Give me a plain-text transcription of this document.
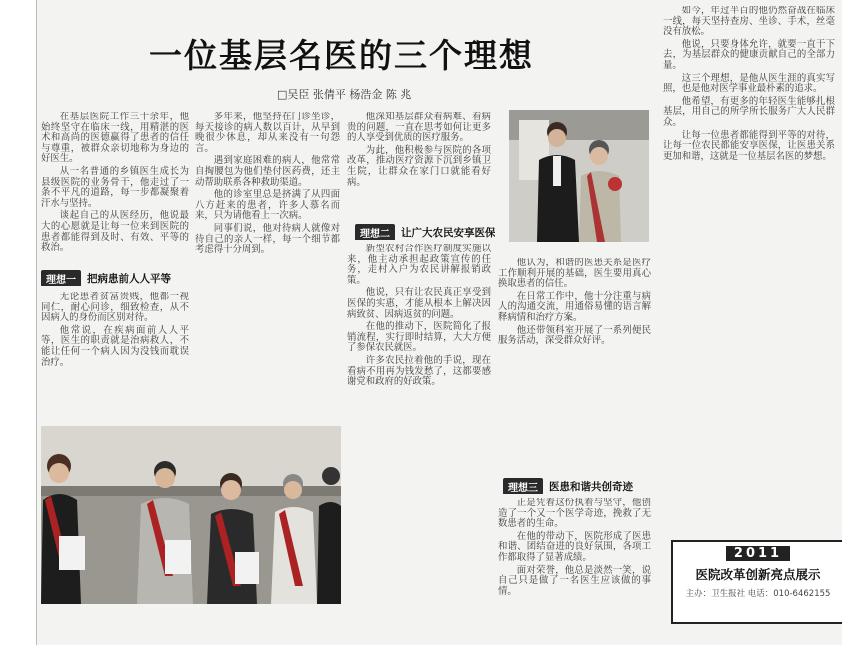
一位基层名医的三个理想
□吴臣 张倩平 杨浩金 陈 兆

在基层医院工作三十余年，他始终坚守在临床一线，用精湛的医术和高尚的医德赢得了患者的信任与尊重，被群众亲切地称为身边的好医生。

从一名普通的乡镇医生成长为县级医院的业务骨干，他走过了一条不平凡的道路，每一步都凝聚着汗水与坚持。

谈起自己的从医经历，他说最大的心愿就是让每一位来到医院的患者都能得到及时、有效、平等的救治。

理想一	把病患前人人平等

无论患者贫富贵贱，他都一视同仁，耐心问诊，细致检查，从不因病人的身份而区别对待。

他常说，在疾病面前人人平等，医生的职责就是治病救人，不能让任何一个病人因为没钱而耽误治疗。

多年来，他坚持在门诊坐诊，每天接诊的病人数以百计，从早到晚很少休息，却从来没有一句怨言。

遇到家庭困难的病人，他常常自掏腰包为他们垫付医药费，还主动帮助联系各种救助渠道。

他的诊室里总是挤满了从四面八方赶来的患者，许多人慕名而来，只为请他看上一次病。

同事们说，他对待病人就像对待自己的亲人一样，每一个细节都考虑得十分周到。

他深知基层群众看病难、看病贵的问题，一直在思考如何让更多的人享受到优质的医疗服务。

为此，他积极参与医院的各项改革，推动医疗资源下沉到乡镇卫生院，让群众在家门口就能看好病。

理想二	让广大农民安享医保

新型农村合作医疗制度实施以来，他主动承担起政策宣传的任务，走村入户为农民讲解报销政策。

他说，只有让农民真正享受到医保的实惠，才能从根本上解决因病致贫、因病返贫的问题。

在他的推动下，医院简化了报销流程，实行即时结算，大大方便了参保农民就医。

许多农民拉着他的手说，现在看病不用再为钱发愁了，这都要感谢党和政府的好政策。

他认为，和谐的医患关系是医疗工作顺利开展的基础，医生要用真心换取患者的信任。

在日常工作中，他十分注重与病人的沟通交流，用通俗易懂的语言解释病情和治疗方案。

他还带领科室开展了一系列便民服务活动，深受群众好评。

理想三	医患和谐共创奇迹

正是凭着这份执着与坚守，他创造了一个又一个医学奇迹，挽救了无数患者的生命。

在他的带动下，医院形成了医患和谐、团结奋进的良好氛围，各项工作都取得了显著成绩。

面对荣誉，他总是淡然一笑，说自己只是做了一名医生应该做的事情。

如今，年过半百的他仍然奋战在临床一线，每天坚持查房、坐诊、手术，丝毫没有放松。

他说，只要身体允许，就要一直干下去，为基层群众的健康贡献自己的全部力量。

这三个理想，是他从医生涯的真实写照，也是他对医学事业最朴素的追求。

他希望，有更多的年轻医生能够扎根基层，用自己的所学所长服务广大人民群众。

让每一位患者都能得到平等的对待，让每一位农民都能安享医保，让医患关系更加和谐，这就是一位基层名医的梦想。

2011
医院改革创新亮点展示
主办：卫生报社 电话：010-6462155
